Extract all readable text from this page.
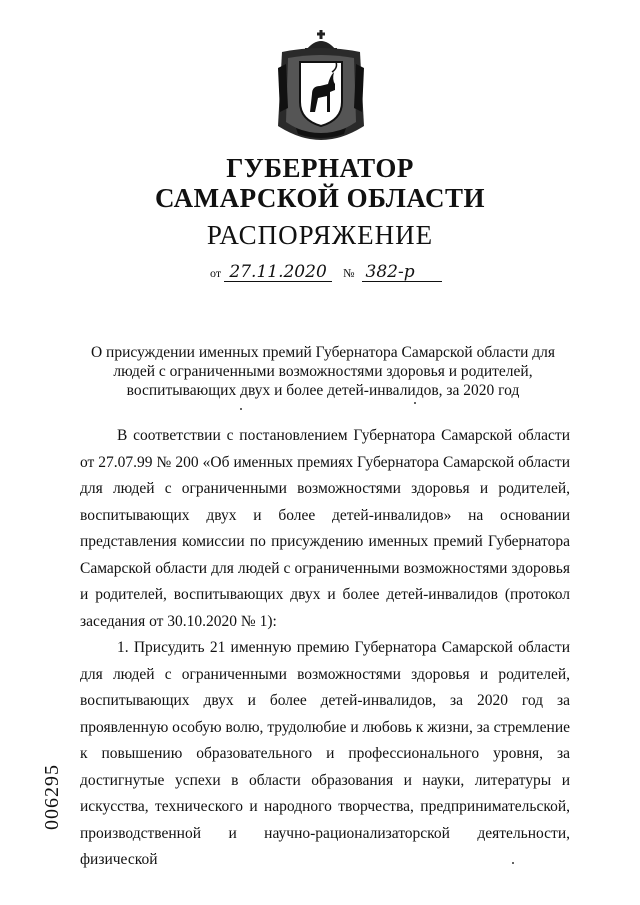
ГУБЕРНАТОР
САМАРСКОЙ ОБЛАСТИ
РАСПОРЯЖЕНИЕ
от 27.11.2020 № 382-р
О присуждении именных премий Губернатора Самарской области для людей с ограниченными возможностями здоровья и родителей, воспитывающих двух и более детей-инвалидов, за 2020 год

В соответствии с постановлением Губернатора Самарской области от 27.07.99 № 200 «Об именных премиях Губернатора Самарской области для людей с ограниченными возможностями здоровья и родителей, воспитывающих двух и более детей-инвалидов» на основании представления комиссии по присуждению именных премий Губернатора Самарской области для людей с ограниченными возможностями здоровья и родителей, воспитывающих двух и более детей-инвалидов (протокол заседания от 30.10.2020 № 1):

1. Присудить 21 именную премию Губернатора Самарской области для людей с ограниченными возможностями здоровья и родителей, воспитывающих двух и более детей-инвалидов, за 2020 год за проявленную особую волю, трудолюбие и любовь к жизни, за стремление к повышению образовательного и профессионального уровня, за достигнутые успехи в области образования и науки, литературы и искусства, технического и народного творчества, предпринимательской, производственной и научно-рационализаторской деятельности, физической

006295
